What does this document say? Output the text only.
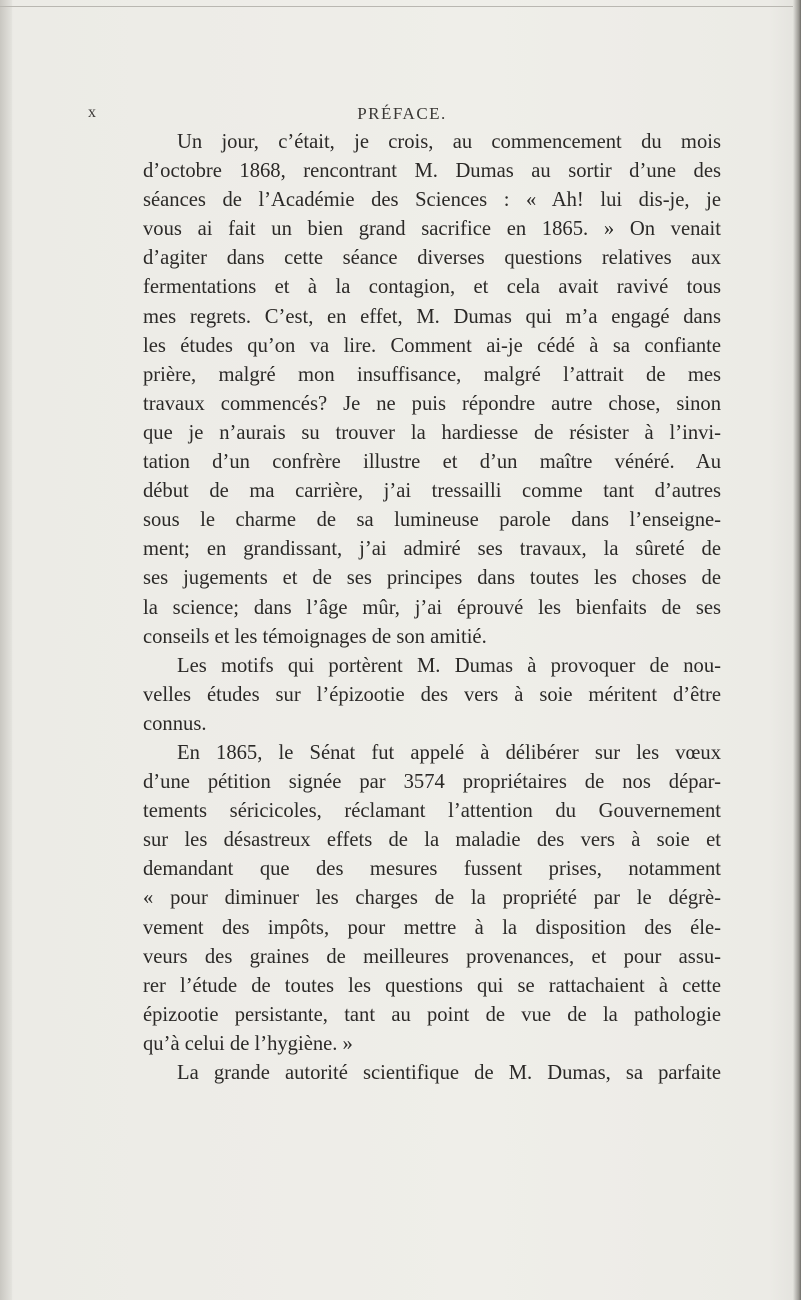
x	PRÉFACE.
Un jour, c’était, je crois, au commencement du mois
d’octobre 1868, rencontrant M. Dumas au sortir d’une des
séances de l’Académie des Sciences : « Ah! lui dis-je, je
vous ai fait un bien grand sacrifice en 1865. » On venait
d’agiter dans cette séance diverses questions relatives aux
fermentations et à la contagion, et cela avait ravivé tous
mes regrets. C’est, en effet, M. Dumas qui m’a engagé dans
les études qu’on va lire. Comment ai-je cédé à sa confiante
prière, malgré mon insuffisance, malgré l’attrait de mes
travaux commencés? Je ne puis répondre autre chose, sinon
que je n’aurais su trouver la hardiesse de résister à l’invi-
tation d’un confrère illustre et d’un maître vénéré. Au
début de ma carrière, j’ai tressailli comme tant d’autres
sous le charme de sa lumineuse parole dans l’enseigne-
ment; en grandissant, j’ai admiré ses travaux, la sûreté de
ses jugements et de ses principes dans toutes les choses de
la science; dans l’âge mûr, j’ai éprouvé les bienfaits de ses
conseils et les témoignages de son amitié.
Les motifs qui portèrent M. Dumas à provoquer de nou-
velles études sur l’épizootie des vers à soie méritent d’être
connus.
En 1865, le Sénat fut appelé à délibérer sur les vœux
d’une pétition signée par 3574 propriétaires de nos dépar-
tements séricicoles, réclamant l’attention du Gouvernement
sur les désastreux effets de la maladie des vers à soie et
demandant que des mesures fussent prises, notamment
« pour diminuer les charges de la propriété par le dégrè-
vement des impôts, pour mettre à la disposition des éle-
veurs des graines de meilleures provenances, et pour assu-
rer l’étude de toutes les questions qui se rattachaient à cette
épizootie persistante, tant au point de vue de la pathologie
qu’à celui de l’hygiène. »
La grande autorité scientifique de M. Dumas, sa parfaite
